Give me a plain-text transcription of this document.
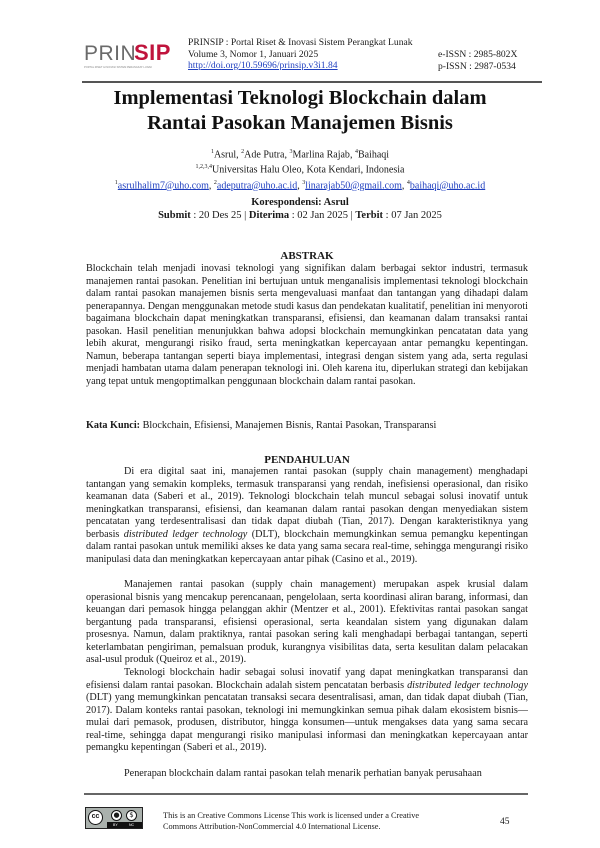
PRIN
SIP
PORTAL RISET & INOVASI SISTEM PERANGKAT LUNAK
PRINSIP : Portal Riset & Inovasi Sistem Perangkat Lunak
Volume 3, Nomor 1, Januari 2025
http://doi.org/10.59696/prinsip.v3i1.84
e-ISSN : 2985-802X
p-ISSN : 2987-0534
Implementasi Teknologi Blockchain dalam
Rantai Pasokan Manajemen Bisnis
$^1$Asrul, $^2$Ade Putra, $^3$Marlina Rajab, $^4$Baihaqi
$^{1,2,3,4}$Universitas Halu Oleo, Kota Kendari, Indonesia
$^1$asrulhalim7@uho.com, $^2$adeputra@uho.ac.id, $^3$linarajab50@gmail.com, $^4$baihaqi@uho.ac.id
Korespondensi: Asrul
Submit : 20 Des 25 | Diterima : 02 Jan 2025 | Terbit : 07 Jan 2025
ABSTRAK
Blockchain telah menjadi inovasi teknologi yang signifikan dalam berbagai sektor industri, termasuk manajemen rantai pasokan. Penelitian ini bertujuan untuk menganalisis implementasi teknologi blockchain dalam rantai pasokan manajemen bisnis serta mengevaluasi manfaat dan tantangan yang dihadapi dalam penerapannya. Dengan menggunakan metode studi kasus dan pendekatan kualitatif, penelitian ini menyoroti bagaimana blockchain dapat meningkatkan transparansi, efisiensi, dan keamanan dalam transaksi rantai pasokan. Hasil penelitian menunjukkan bahwa adopsi blockchain memungkinkan pencatatan data yang lebih akurat, mengurangi risiko fraud, serta meningkatkan kepercayaan antar pemangku kepentingan. Namun, beberapa tantangan seperti biaya implementasi, integrasi dengan sistem yang ada, serta regulasi menjadi hambatan utama dalam penerapan teknologi ini. Oleh karena itu, diperlukan strategi dan kebijakan yang tepat untuk mengoptimalkan penggunaan blockchain dalam rantai pasokan.
Kata Kunci: Blockchain, Efisiensi, Manajemen Bisnis, Rantai Pasokan, Transparansi
PENDAHULUAN
Di era digital saat ini, manajemen rantai pasokan (supply chain management) menghadapi tantangan yang semakin kompleks, termasuk transparansi yang rendah, inefisiensi operasional, dan risiko keamanan data (Saberi et al., 2019). Teknologi blockchain telah muncul sebagai solusi inovatif untuk meningkatkan transparansi, efisiensi, dan keamanan dalam rantai pasokan dengan menyediakan sistem pencatatan yang terdesentralisasi dan tidak dapat diubah (Tian, 2017). Dengan karakteristiknya yang berbasis distributed ledger technology (DLT), blockchain memungkinkan semua pemangku kepentingan dalam rantai pasokan untuk memiliki akses ke data yang sama secara real-time, sehingga mengurangi risiko manipulasi data dan meningkatkan kepercayaan antar pihak (Casino et al., 2019).
Manajemen rantai pasokan (supply chain management) merupakan aspek krusial dalam operasional bisnis yang mencakup perencanaan, pengelolaan, serta koordinasi aliran barang, informasi, dan keuangan dari pemasok hingga pelanggan akhir (Mentzer et al., 2001). Efektivitas rantai pasokan sangat bergantung pada transparansi, efisiensi operasional, serta keandalan sistem yang digunakan dalam prosesnya. Namun, dalam praktiknya, rantai pasokan sering kali menghadapi berbagai tantangan, seperti keterlambatan pengiriman, pemalsuan produk, kurangnya visibilitas data, serta kesulitan dalam pelacakan asal-usul produk (Queiroz et al., 2019).
Teknologi blockchain hadir sebagai solusi inovatif yang dapat meningkatkan transparansi dan efisiensi dalam rantai pasokan. Blockchain adalah sistem pencatatan berbasis distributed ledger technology (DLT) yang memungkinkan pencatatan transaksi secara desentralisasi, aman, dan tidak dapat diubah (Tian, 2017). Dalam konteks rantai pasokan, teknologi ini memungkinkan semua pihak dalam ekosistem bisnis—mulai dari pemasok, produsen, distributor, hingga konsumen—untuk mengakses data yang sama secara real-time, sehingga dapat mengurangi risiko manipulasi informasi dan meningkatkan kepercayaan antar pemangku kepentingan (Saberi et al., 2019).
Penerapan blockchain dalam rantai pasokan telah menarik perhatian banyak perusahaan
cc	●	$
BY	NC
This is an Creative Commons License This work is licensed under a Creative
Commons Attribution-NonCommercial 4.0 International License.	45
